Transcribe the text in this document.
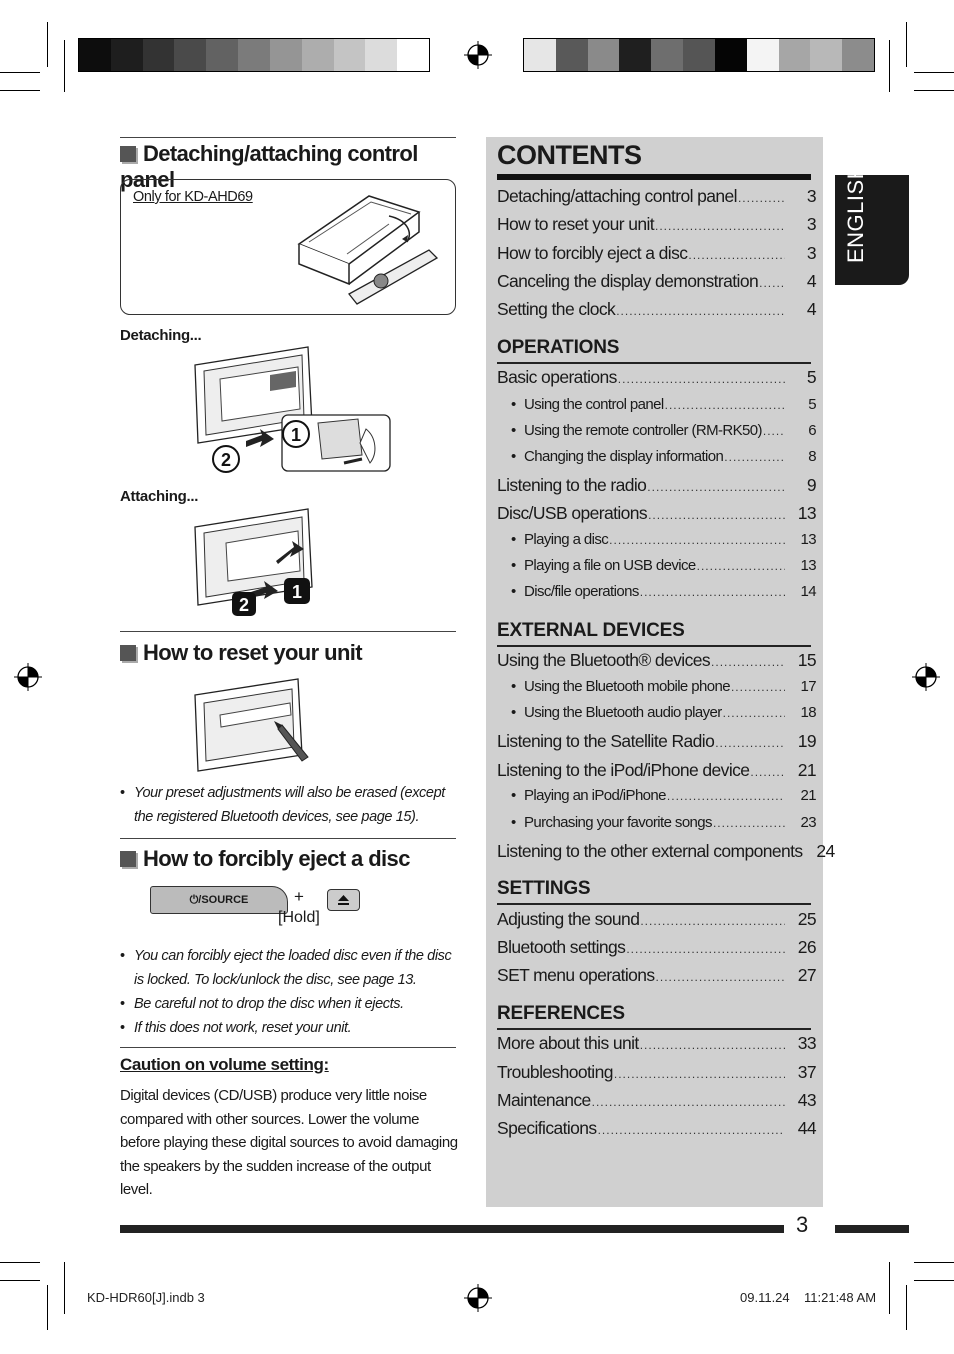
Detaching/attaching control panel
Only for KD-AHD69
Detaching...
1
2
Attaching...
1
2
How to reset your unit
• Your preset adjustments will also be erased (except the registered Bluetooth devices, see page 15).
How to forcibly eject a disc
⏻/SOURCE	+
[Hold]
• You can forcibly eject the loaded disc even if the disc is locked. To lock/unlock the disc, see page 13.
• Be careful not to drop the disc when it ejects.
• If this does not work, reset your unit.
Caution on volume setting:
Digital devices (CD/USB) produce very little noise compared with other sources. Lower the volume before playing these digital sources to avoid damaging the speakers by the sudden increase of the output level.
CONTENTS
Detaching/attaching control panel .....	3
How to reset your unit .....	3
How to forcibly eject a disc .....	3
Canceling the display demonstration .....	4
Setting the clock .....	4
OPERATIONS
Basic operations .....	5
• Using the control panel .....	5
• Using the remote controller (RM-RK50) .....	6
• Changing the display information .....	8
Listening to the radio .....	9
Disc/USB operations .....	13
• Playing a disc .....	13
• Playing a file on USB device .....	13
• Disc/file operations .....	14
EXTERNAL DEVICES
Using the Bluetooth® devices .....	15
• Using the Bluetooth mobile phone .....	17
• Using the Bluetooth audio player .....	18
Listening to the Satellite Radio .....	19
Listening to the iPod/iPhone device .....	21
• Playing an iPod/iPhone .....	21
• Purchasing your favorite songs .....	23
Listening to the other external components 24
SETTINGS
Adjusting the sound .....	25
Bluetooth settings .....	26
SET menu operations .....	27
REFERENCES
More about this unit .....	33
Troubleshooting .....	37
Maintenance .....	43
Specifications .....	44
ENGLISH
3
KD-HDR60[J].indb 3	09.11.24 11:21:48 AM
